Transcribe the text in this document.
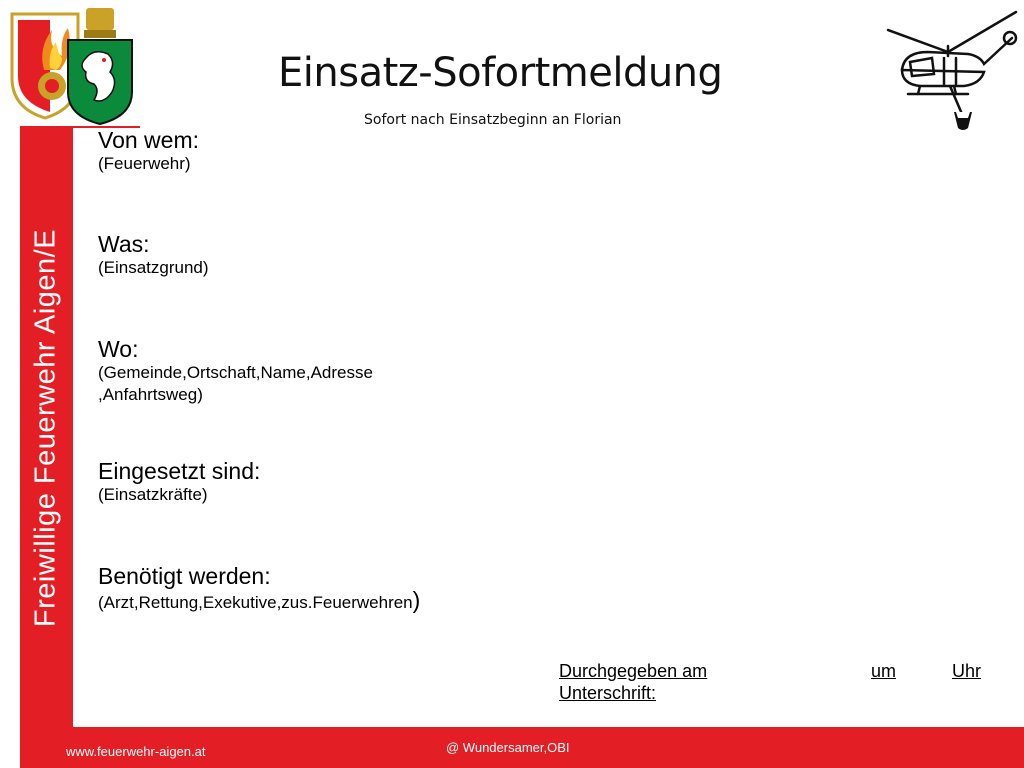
Einsatz-Sofortmeldung
Sofort nach Einsatzbeginn an Florian
Freiwillige Feuerwehr Aigen/E
Von wem:
(Feuerwehr)
Was:
(Einsatzgrund)
Wo:
(Gemeinde,Ortschaft,Name,Adresse
,Anfahrtsweg)
Eingesetzt sind:
(Einsatzkräfte)
Benötigt werden:
(Arzt,Rettung,Exekutive,zus.Feuerwehren)
Durchgegeben am	um	Uhr
Unterschrift:
www.feuerwehr-aigen.at	@ Wundersamer,OBI
